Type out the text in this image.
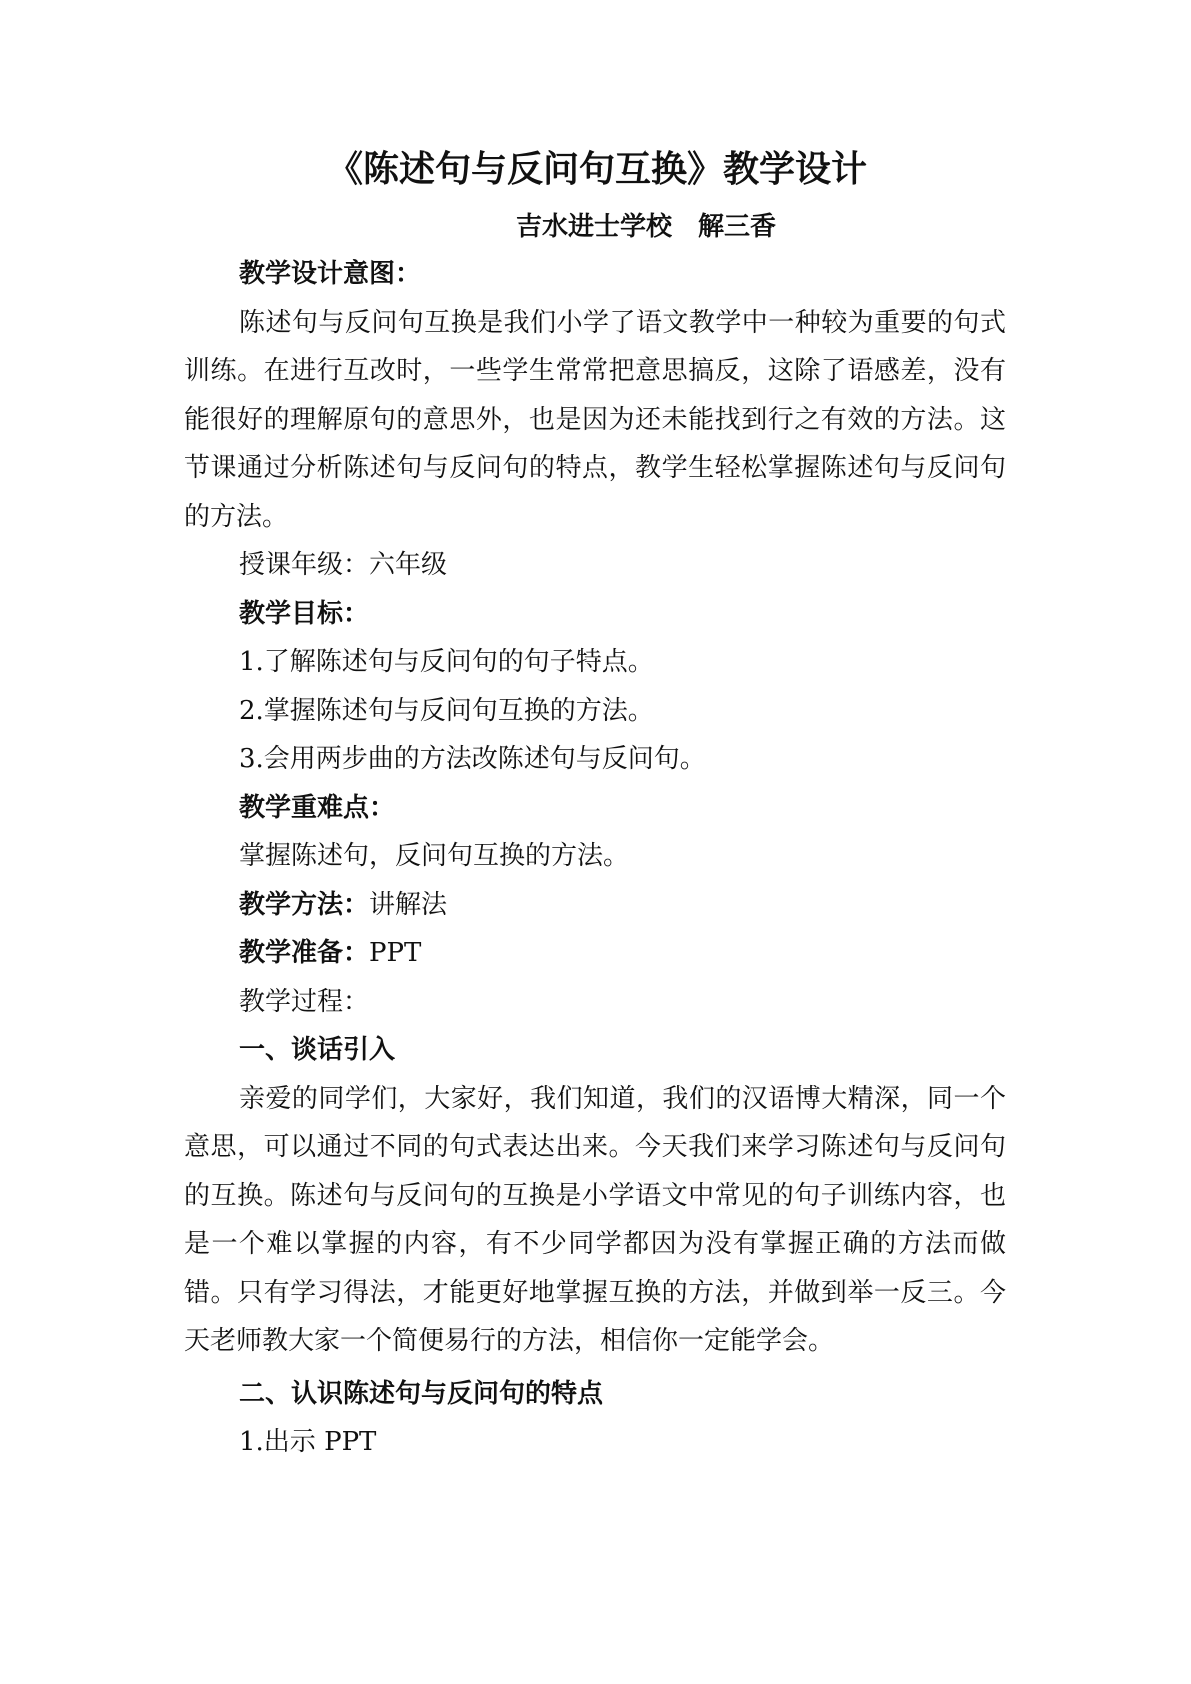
《陈述句与反问句互换》教学设计

吉水进士学校　解三香

教学设计意图：

陈述句与反问句互换是我们小学了语文教学中一种较为重要的句式训练。在进行互改时，一些学生常常把意思搞反，这除了语感差，没有能很好的理解原句的意思外，也是因为还未能找到行之有效的方法。这节课通过分析陈述句与反问句的特点，教学生轻松掌握陈述句与反问句的方法。

授课年级：六年级

教学目标：

1.了解陈述句与反问句的句子特点。

2.掌握陈述句与反问句互换的方法。

3.会用两步曲的方法改陈述句与反问句。

教学重难点：

掌握陈述句，反问句互换的方法。

教学方法：讲解法

教学准备：PPT

教学过程：

一、谈话引入

亲爱的同学们，大家好，我们知道，我们的汉语博大精深，同一个意思，可以通过不同的句式表达出来。今天我们来学习陈述句与反问句的互换。陈述句与反问句的互换是小学语文中常见的句子训练内容，也是一个难以掌握的内容，有不少同学都因为没有掌握正确的方法而做错。只有学习得法，才能更好地掌握互换的方法，并做到举一反三。今天老师教大家一个简便易行的方法，相信你一定能学会。

二、认识陈述句与反问句的特点

1.出示 PPT
